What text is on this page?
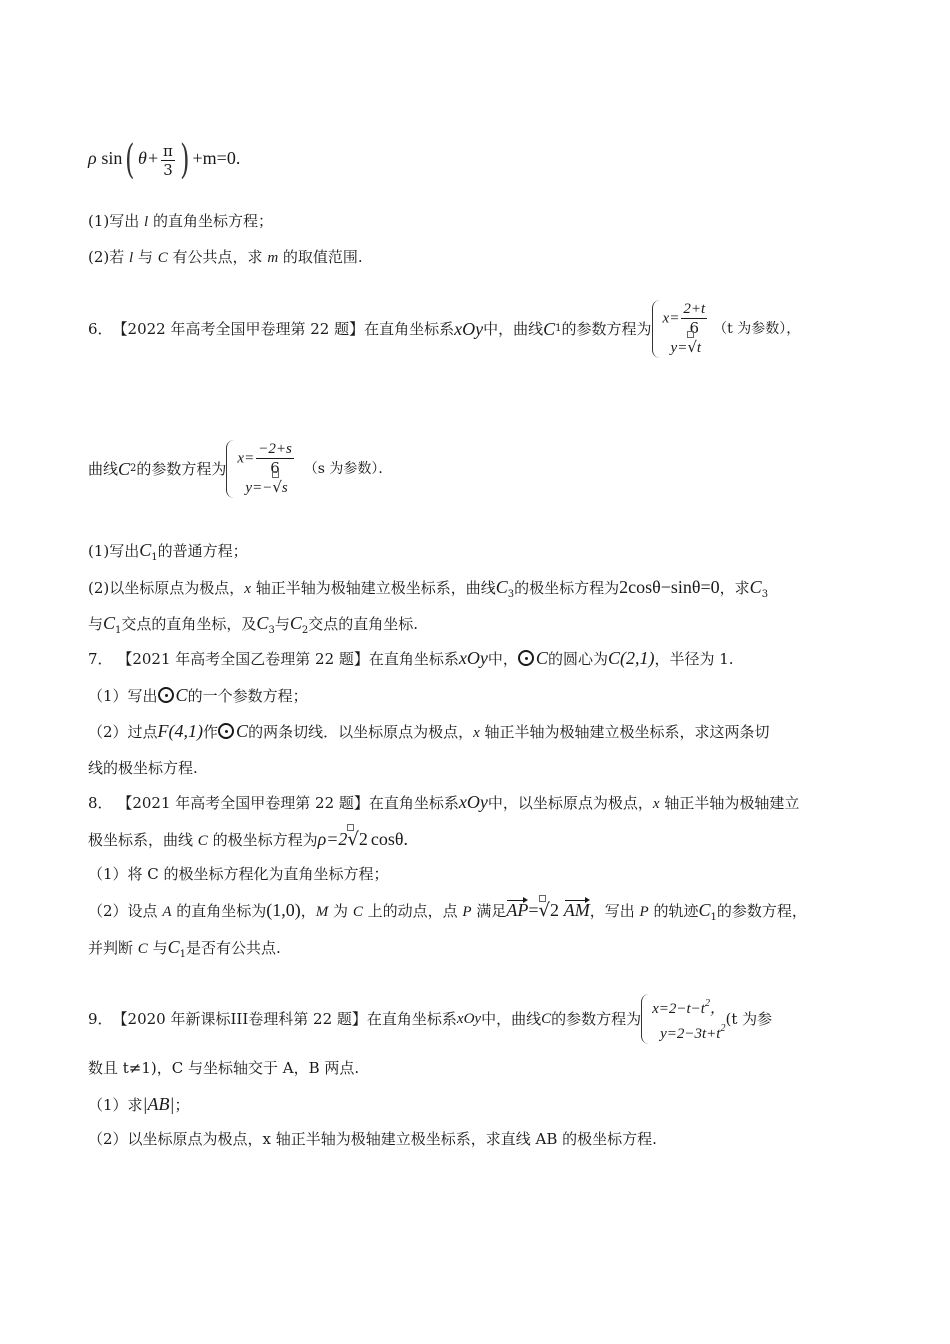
ρ sin( $\theta+ \frac{\pi}{3}$ ) +m=0.
(1)写出 l 的直角坐标方程；
(2)若 l 与 C 有公共点，求 m 的取值范围.
6． 【2022 年高考全国甲卷理第 22 题】 在直角坐标系 xOy 中，曲线 C 1 的参数方程为
$x= \frac{2+t}{6}$
y=
√t
（t 为参数），
曲线 C 2 的参数方程为
$x= \frac{-2+s}{6}$
y=−
√s
（s 为参数）．
(1)写出$C_1$的普通方程；
(2)以坐标原点为极点，x 轴正半轴为极轴建立极坐标系，曲线$C_3$的极坐标方程为2cosθ−sinθ=0，求$C_3$
与$C_1$交点的直角坐标，及$C_3$与$C_2$交点的直角坐标.
7． 【2021 年高考全国乙卷理第 22 题】在直角坐标系xOy中， C的圆心为C(2,1)，半径为 1.
（1）写出 C的一个参数方程；
（2）过点F(4,1)作 C的两条切线．以坐标原点为极点，x 轴正半轴为极轴建立极坐标系，求这两条切
线的极坐标方程.
8． 【2021 年高考全国甲卷理第 22 题】在直角坐标系xOy中，以坐标原点为极点，x 轴正半轴为极轴建立
极坐标系，曲线 C 的极坐标方程为ρ=2
√2 cosθ.
（1）将 C 的极坐标方程化为直角坐标方程；
（2）设点 A 的直角坐标为(1,0)，M 为 C 上的动点，点 P 满足AP=
√2 AM，写出 P 的轨迹$C_1$的参数方程，
并判断 C 与$C_1$是否有公共点.
9． 【2020 年新课标III卷理科第 22 题】 在直角坐标系 xOy 中，曲线 C 的参数方程为
$x=2-t-t^2$，
$y=2-3t+t^2$
(t 为参
数且 t≠1)，C 与坐标轴交于 A，B 两点.
（1）求|AB|；
（2）以坐标原点为极点，x 轴正半轴为极轴建立极坐标系，求直线 AB 的极坐标方程.
